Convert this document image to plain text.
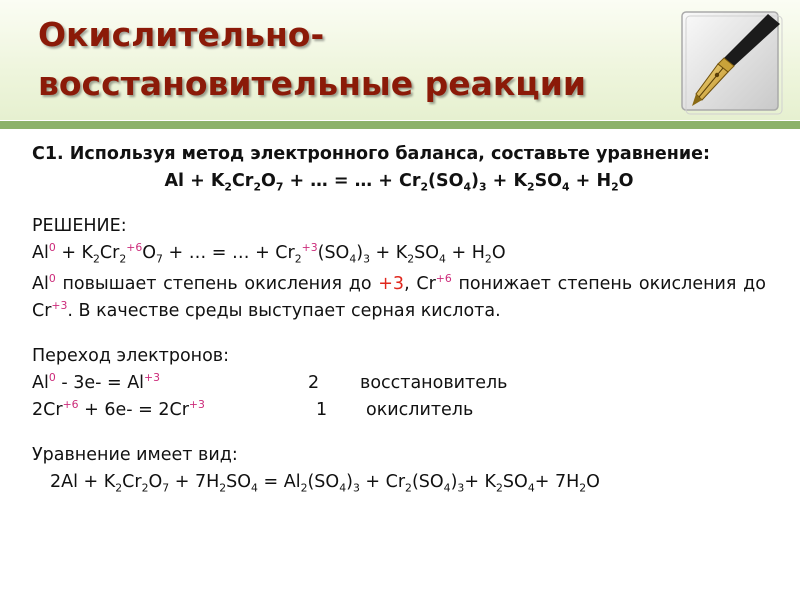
Окислительно-
восстановительные реакции
С1. Используя метод электронного баланса, составьте уравнение:
$Al + K_2Cr_2O_7$ + … = … + $Cr_2(SO_4)_3 + K_2SO_4 + H_2O$
РЕШЕНИЕ:
$Al^0 + K_2Cr_2^{+6}O_7$ + … = … + $Cr_2^{+3}(SO_4)_3 + K_2SO_4 + H_2O$
Al$^0$ повышает степень окисления до +3, $Cr^{+6}$ понижает степень окисления до $Cr^{+3}$. В качестве среды выступает серная кислота.
Переход электронов:
$Al^0 - 3e- = Al^{+3}$	2 восстановитель
$2Cr^{+6} + 6e- = 2Cr^{+3}$	1 окислитель
Уравнение имеет вид:
$2Al + K_2Cr_2O_7 + 7H_2SO_4 = Al_2(SO_4)_3 + Cr_2(SO_4)_3+ K_2SO_4+ 7H_2O$
